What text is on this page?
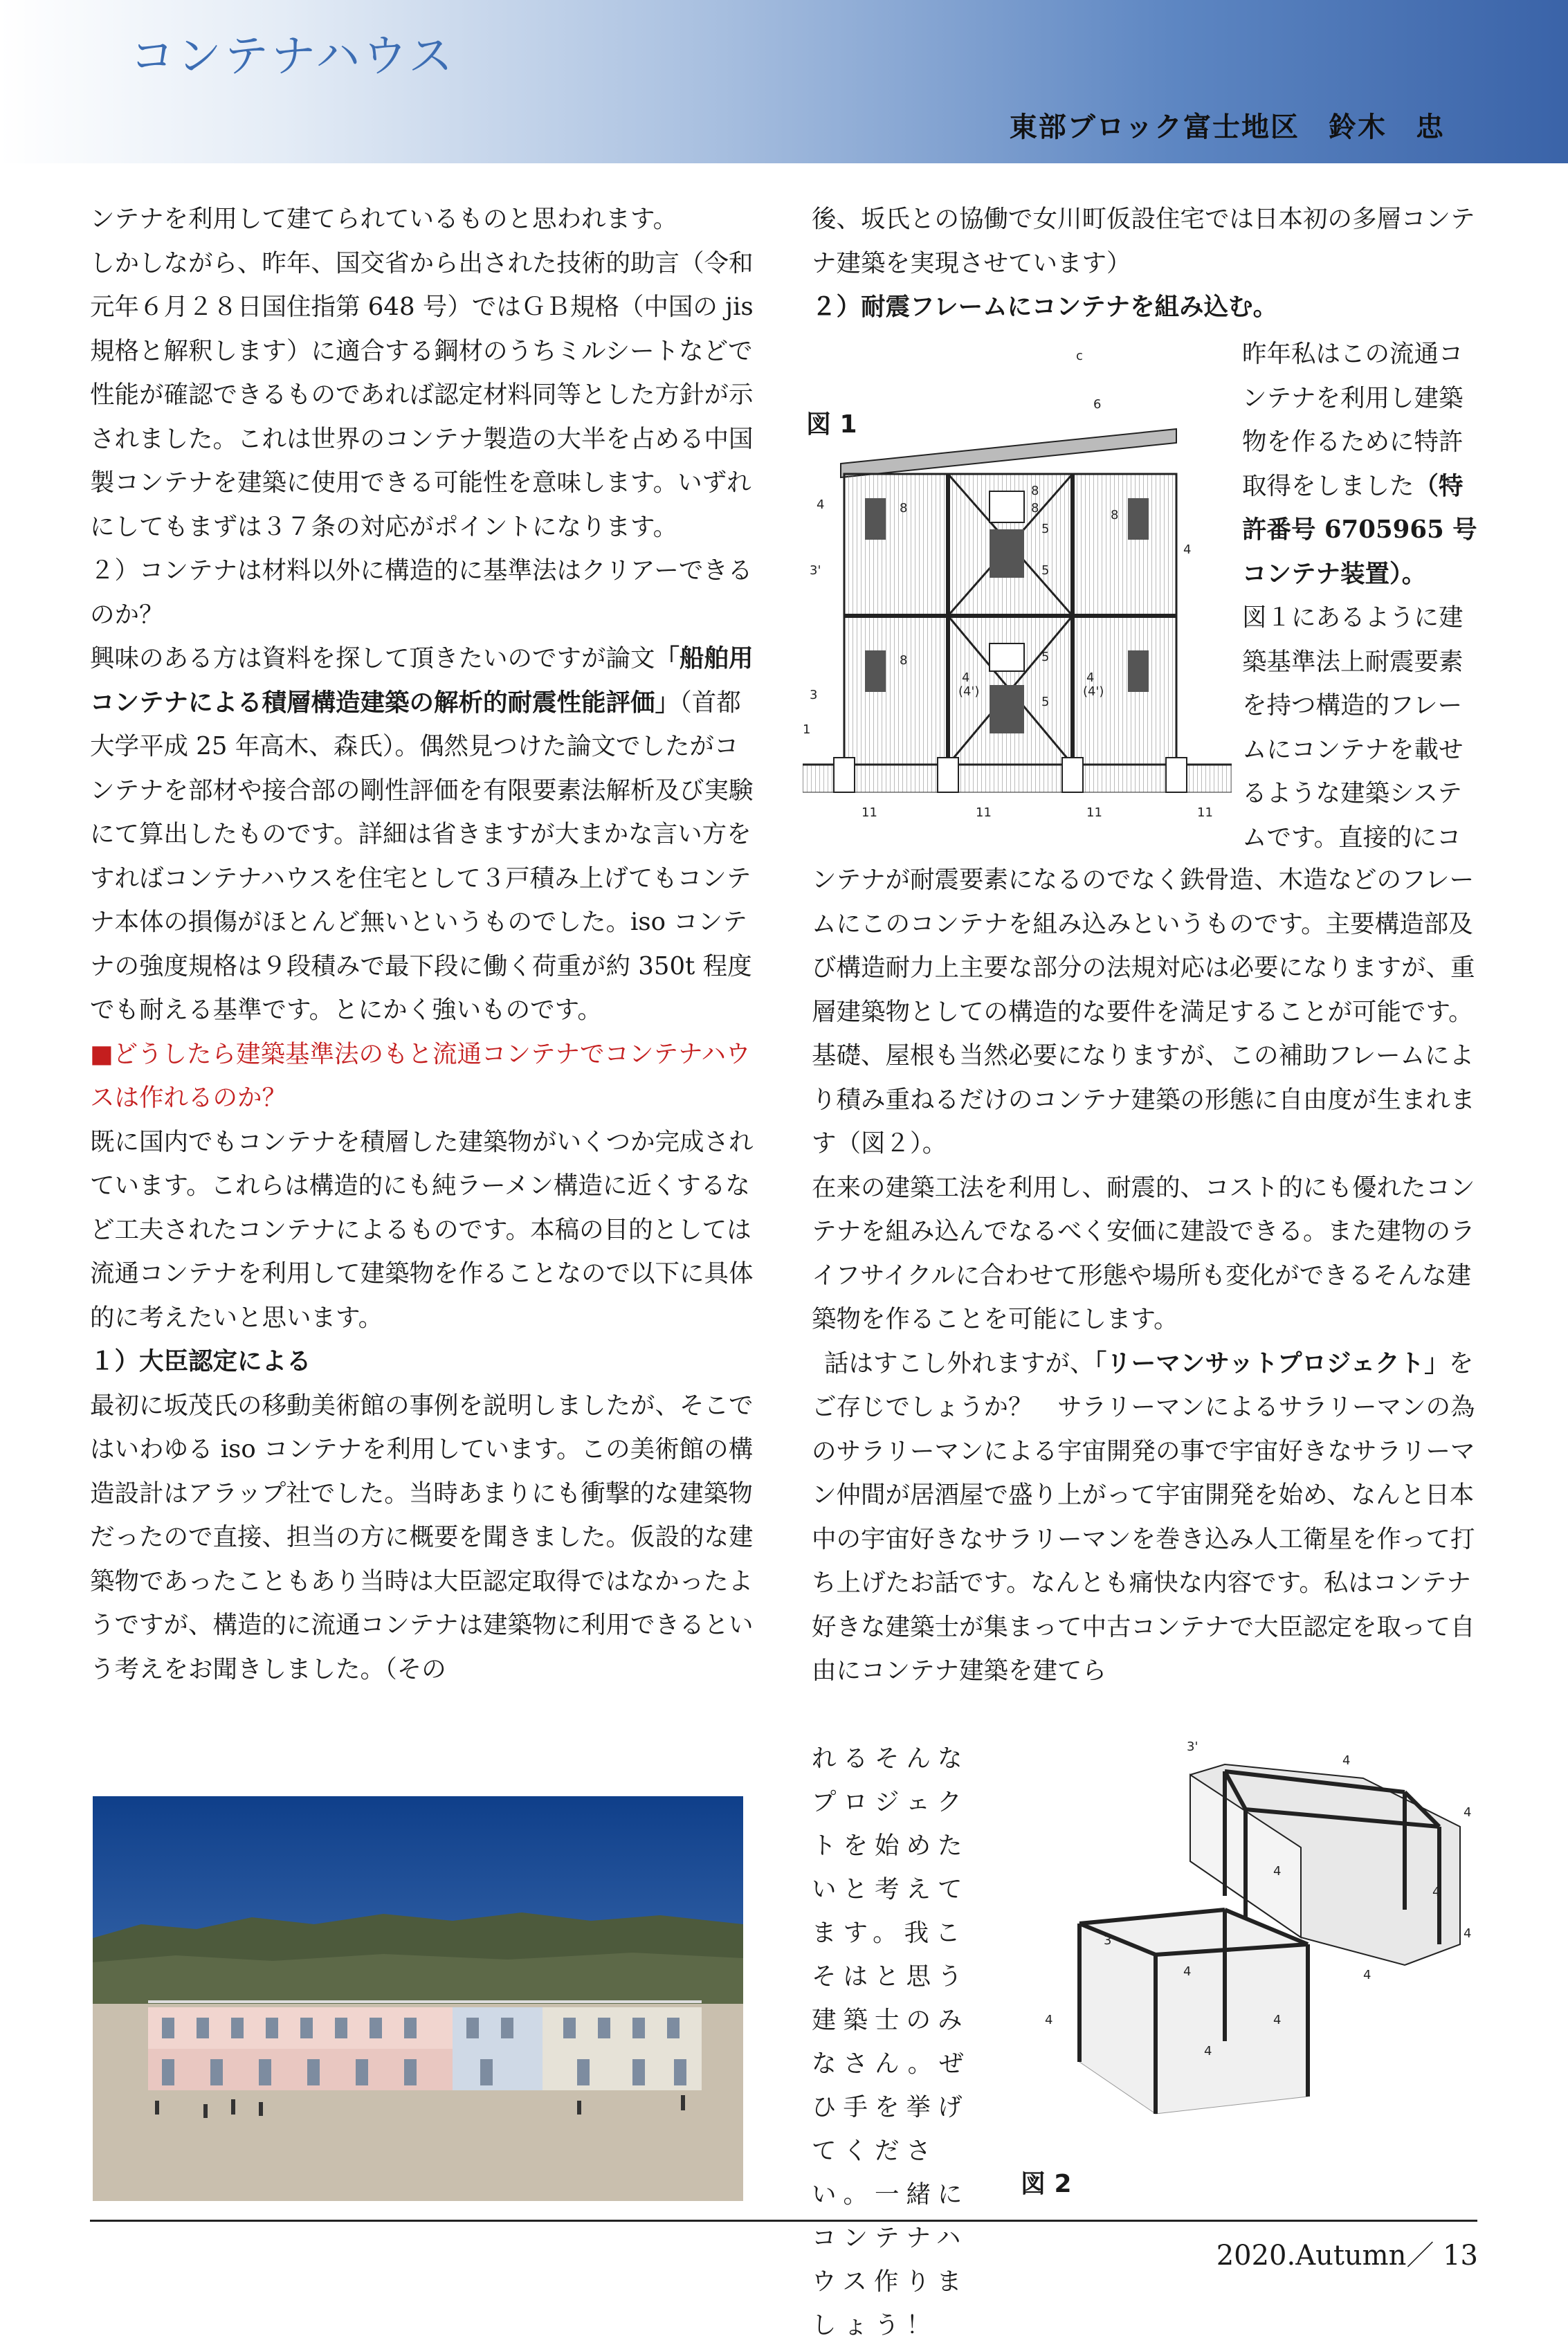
コンテナハウス
東部ブロック富士地区　鈴木　忠

ンテナを利用して建てられているものと思われます。

しかしながら、昨年、国交省から出された技術的助言（令和元年６月２８日国住指第 648 号）ではＧＢ規格（中国の jis 規格と解釈します）に適合する鋼材のうちミルシートなどで性能が確認できるものであれば認定材料同等とした方針が示されました。これは世界のコンテナ製造の大半を占める中国製コンテナを建築に使用できる可能性を意味します。いずれにしてもまずは３７条の対応がポイントになります。

２）コンテナは材料以外に構造的に基準法はクリアーできるのか？

興味のある方は資料を探して頂きたいのですが論文「船舶用コンテナによる積層構造建築の解析的耐震性能評価」（首都大学平成 25 年高木、森氏）。偶然見つけた論文でしたがコンテナを部材や接合部の剛性評価を有限要素法解析及び実験にて算出したものです。詳細は省きますが大まかな言い方をすればコンテナハウスを住宅として３戸積み上げてもコンテナ本体の損傷がほとんど無いというものでした。iso コンテナの強度規格は９段積みで最下段に働く荷重が約 350t 程度でも耐える基準です。とにかく強いものです。

■どうしたら建築基準法のもと流通コンテナでコンテナハウスは作れるのか？

既に国内でもコンテナを積層した建築物がいくつか完成されています。これらは構造的にも純ラーメン構造に近くするなど工夫されたコンテナによるものです。本稿の目的としては流通コンテナを利用して建築物を作ることなので以下に具体的に考えたいと思います。

１）大臣認定による

最初に坂茂氏の移動美術館の事例を説明しましたが、そこではいわゆる iso コンテナを利用しています。この美術館の構造設計はアラップ社でした。当時あまりにも衝撃的な建築物だったので直接、担当の方に概要を聞きました。仮設的な建築物であったこともあり当時は大臣認定取得ではなかったようですが、構造的に流通コンテナは建築物に利用できるという考えをお聞きしました。（その

後、坂氏との協働で女川町仮設住宅では日本初の多層コンテナ建築を実現させています）

２）耐震フレームにコンテナを組み込む。

図 1
c
6
8
8	8
8
5
5
4
4
4
(4')
4
(4')
3'
3
5
5
1
11	11	11	11
8

昨年私はこの流通コンテナを利用し建築物を作るために特許取得をしました（特許番号 6705965 号コンテナ装置）。

図１にあるように建築基準法上耐震要素を持つ構造的フレームにコンテナを載せるような建築システムです。直接的にコ

ンテナが耐震要素になるのでなく鉄骨造、木造などのフレームにこのコンテナを組み込みというものです。主要構造部及び構造耐力上主要な部分の法規対応は必要になりますが、重層建築物としての構造的な要件を満足することが可能です。

基礎、屋根も当然必要になりますが、この補助フレームにより積み重ねるだけのコンテナ建築の形態に自由度が生まれます（図２）。

在来の建築工法を利用し、耐震的、コスト的にも優れたコンテナを組み込んでなるべく安価に建設できる。また建物のライフサイクルに合わせて形態や場所も変化ができるそんな建築物を作ることを可能にします。

話はすこし外れますが、「リーマンサットプロジェクト」をご存じでしょうか？　サラリーマンによるサラリーマンの為のサラリーマンによる宇宙開発の事で宇宙好きなサラリーマン仲間が居酒屋で盛り上がって宇宙開発を始め、なんと日本中の宇宙好きなサラリーマンを巻き込み人工衛星を作って打ち上げたお話です。なんとも痛快な内容です。私はコンテナ好きな建築士が集まって中古コンテナで大臣認定を取って自由にコンテナ建築を建てら

れるそんなプロジェクトを始めたいと考えてます。我こそはと思う建築士のみなさん。ぜひ手を挙げてください。一緒にコンテナハウス作りましょう！

3'
4
4
4
4
4
3
4	4
4	4
4
図 2
2020.Autumn／ 13
